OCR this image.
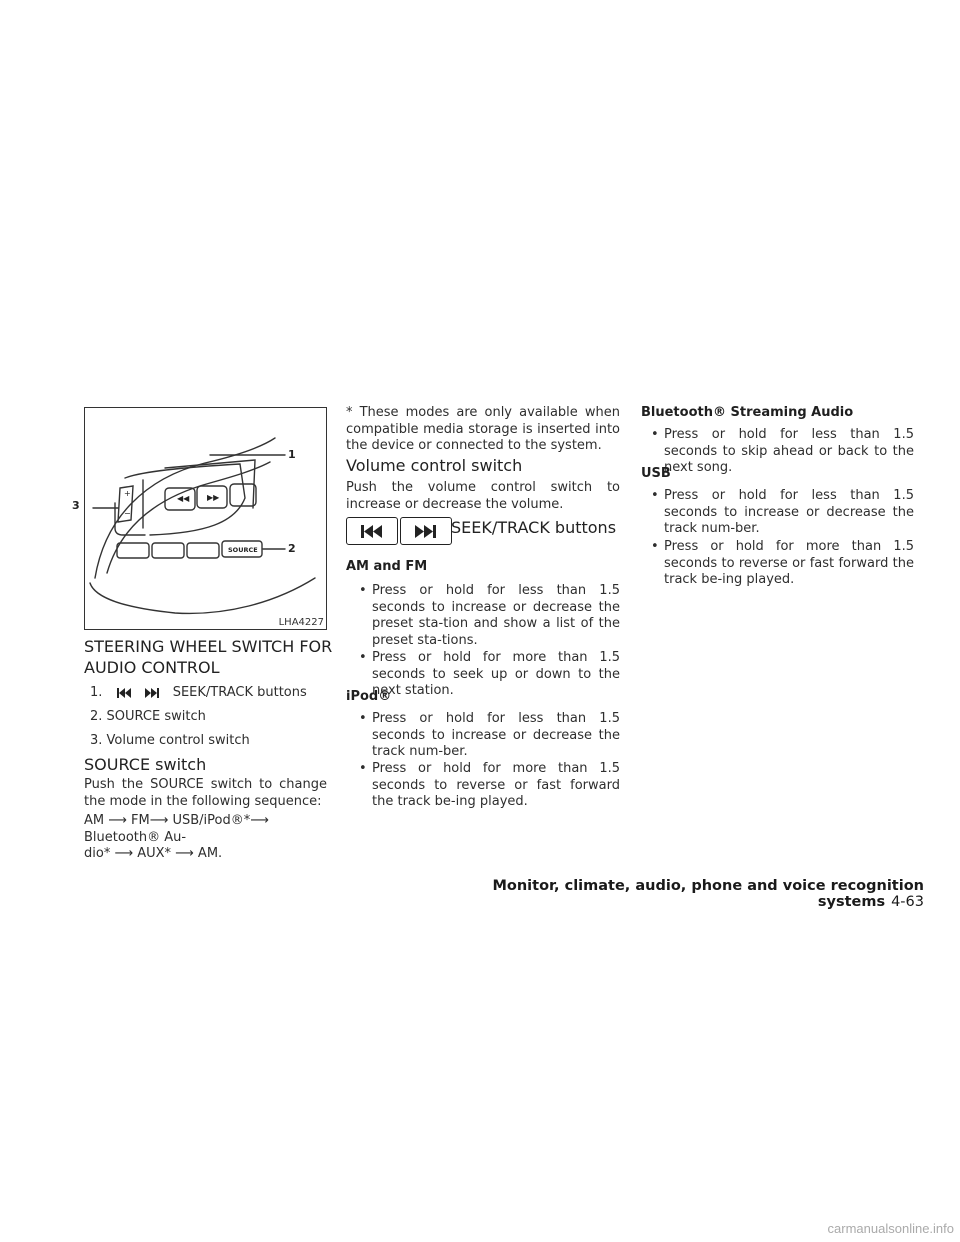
◀◀ ▶▶
+
−
SOURCE
1
2
LHA4227
3
STEERING WHEEL SWITCH FOR
AUDIO CONTROL
1.	SEEK/TRACK buttons
2. SOURCE switch
3. Volume control switch
SOURCE switch
Push the SOURCE switch to change the mode in the following sequence:
AM ⟶ FM⟶ USB/iPod®*⟶ Bluetooth® Au-
dio* ⟶ AUX* ⟶ AM.
* These modes are only available when compatible media storage is inserted into the device or connected to the system.
Volume control switch
Push the volume control switch to increase or decrease the volume.
SEEK/TRACK buttons
AM and FM
• Press or hold for less than 1.5 seconds to increase or decrease the preset sta-tion and show a list of the preset sta-tions.
• Press or hold for more than 1.5 seconds to seek up or down to the next station.
iPod®
• Press or hold for less than 1.5 seconds to increase or decrease the track num-ber.
• Press or hold for more than 1.5 seconds to reverse or fast forward the track be-ing played.
Bluetooth® Streaming Audio
• Press or hold for less than 1.5 seconds to skip ahead or back to the next song.
USB
• Press or hold for less than 1.5 seconds to increase or decrease the track num-ber.
• Press or hold for more than 1.5 seconds to reverse or fast forward the track be-ing played.
Monitor, climate, audio, phone and voice recognition systems 4-63
carmanualsonline.info
